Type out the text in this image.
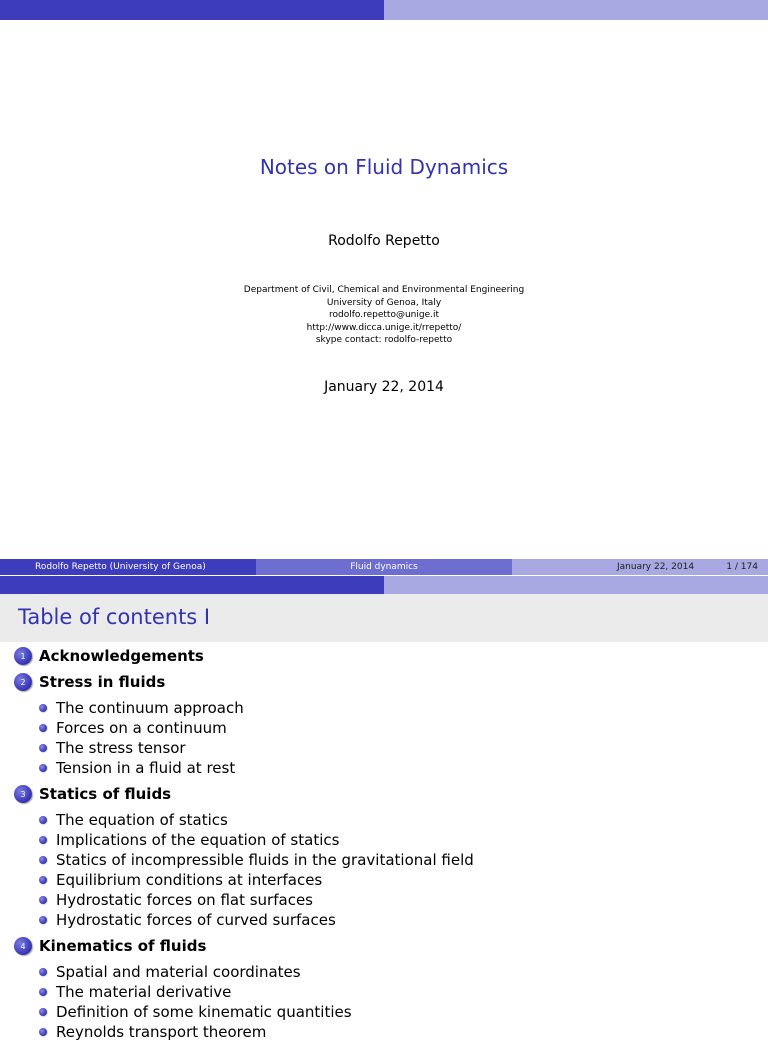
Notes on Fluid Dynamics
Rodolfo Repetto
Department of Civil, Chemical and Environmental Engineering
University of Genoa, Italy
rodolfo.repetto@unige.it
http://www.dicca.unige.it/rrepetto/
skype contact: rodolfo-repetto
January 22, 2014
Rodolfo Repetto (University of Genoa)	Fluid dynamics	January 22, 2014	1 / 174
Table of contents I
1 Acknowledgements
2 Stress in fluids
The continuum approach
Forces on a continuum
The stress tensor
Tension in a fluid at rest
3 Statics of fluids
The equation of statics
Implications of the equation of statics
Statics of incompressible fluids in the gravitational field
Equilibrium conditions at interfaces
Hydrostatic forces on flat surfaces
Hydrostatic forces of curved surfaces
4 Kinematics of fluids
Spatial and material coordinates
The material derivative
Definition of some kinematic quantities
Reynolds transport theorem
